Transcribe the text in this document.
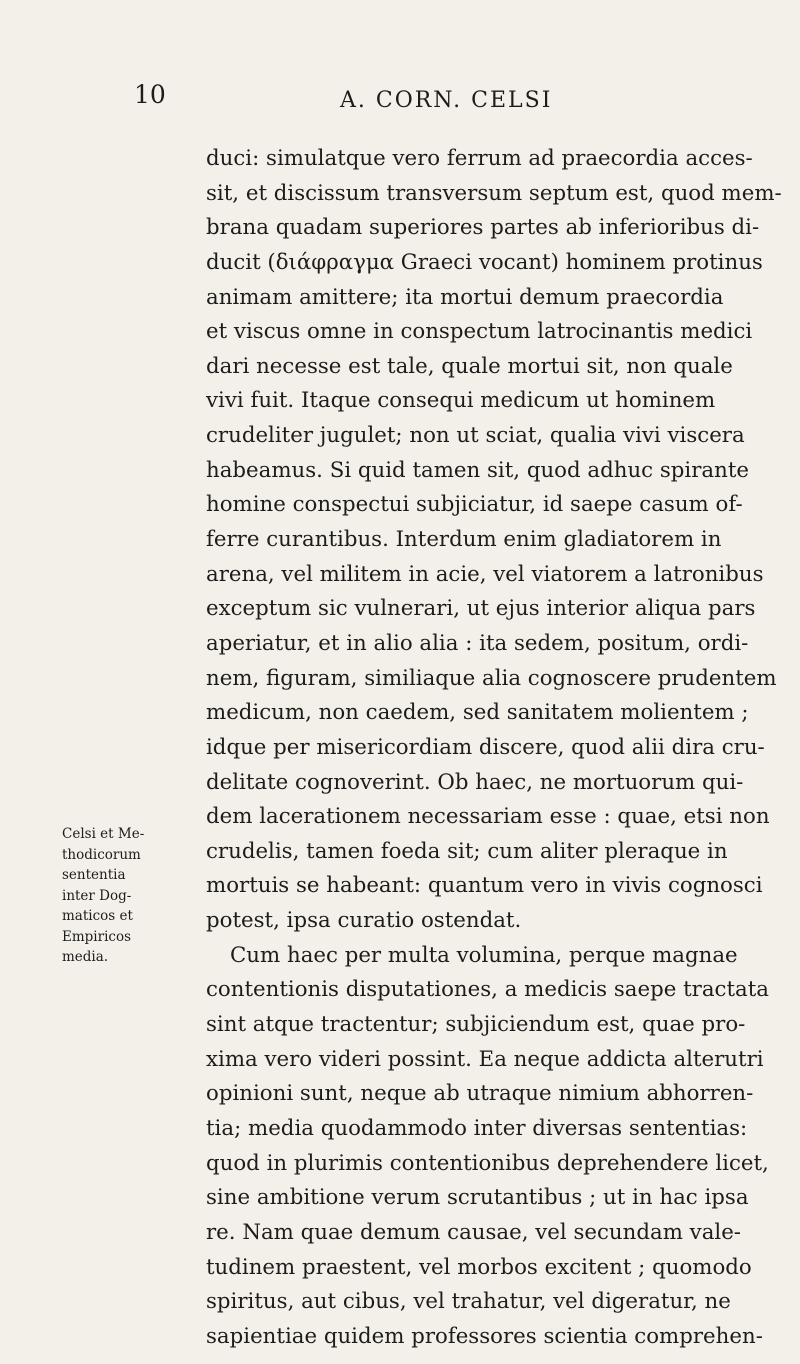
10	A. CORN. CELSI
Celsi et Me-
thodicorum
sententia
inter Dog-
maticos et
Empiricos
media.
duci: simulatque vero ferrum ad praecordia acces-
sit, et discissum transversum septum est, quod mem-
brana quadam superiores partes ab inferioribus di-
ducit (διάφραγμα Graeci vocant) hominem protinus
animam amittere; ita mortui demum praecordia
et viscus omne in conspectum latrocinantis medici
dari necesse est tale, quale mortui sit, non quale
vivi fuit. Itaque consequi medicum ut hominem
crudeliter jugulet; non ut sciat, qualia vivi viscera
habeamus. Si quid tamen sit, quod adhuc spirante
homine conspectui subjiciatur, id saepe casum of-
ferre curantibus. Interdum enim gladiatorem in
arena, vel militem in acie, vel viatorem a latronibus
exceptum sic vulnerari, ut ejus interior aliqua pars
aperiatur, et in alio alia : ita sedem, positum, ordi-
nem, figuram, similiaque alia cognoscere prudentem
medicum, non caedem, sed sanitatem molientem ;
idque per misericordiam discere, quod alii dira cru-
delitate cognoverint. Ob haec, ne mortuorum qui-
dem lacerationem necessariam esse : quae, etsi non
crudelis, tamen foeda sit; cum aliter pleraque in
mortuis se habeant: quantum vero in vivis cognosci
potest, ipsa curatio ostendat.
Cum haec per multa volumina, perque magnae
contentionis disputationes, a medicis saepe tractata
sint atque tractentur; subjiciendum est, quae pro-
xima vero videri possint. Ea neque addicta alterutri
opinioni sunt, neque ab utraque nimium abhorren-
tia; media quodammodo inter diversas sententias:
quod in plurimis contentionibus deprehendere licet,
sine ambitione verum scrutantibus ; ut in hac ipsa
re. Nam quae demum causae, vel secundam vale-
tudinem praestent, vel morbos excitent ; quomodo
spiritus, aut cibus, vel trahatur, vel digeratur, ne
sapientiae quidem professores scientia comprehen-
